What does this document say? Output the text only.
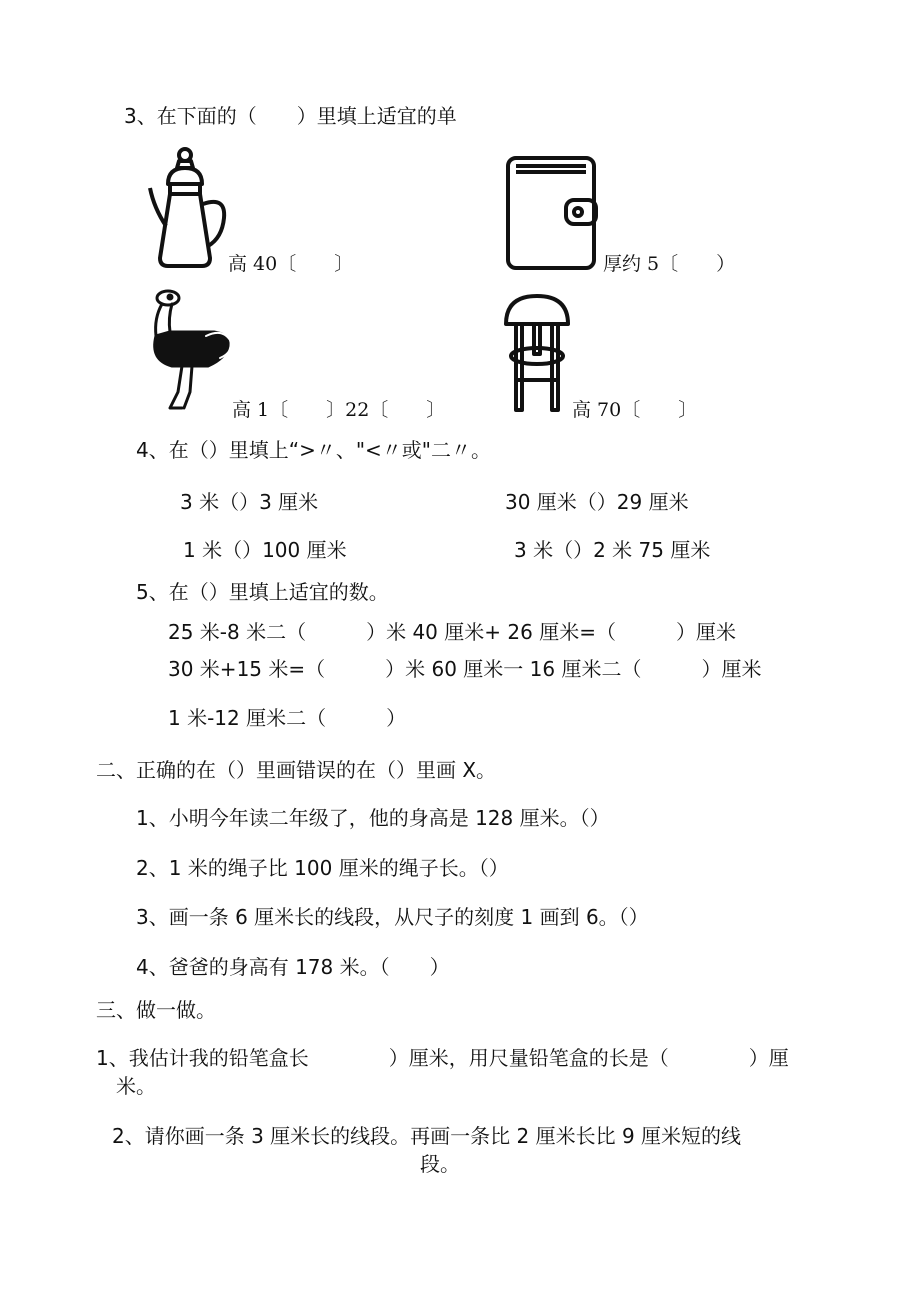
3、在下面的（　　）里填上适宜的单
高 40〔　　〕	厚约 5〔　　）
高 1〔　　〕22〔　　〕	高 70〔　　〕
4、在（）里填上“>〃、"<〃或"二〃。
3 米（）3 厘米	30 厘米（）29 厘米
1 米（）100 厘米	3 米（）2 米 75 厘米
5、在（）里填上适宜的数。
25 米-8 米二（　　　）米 40 厘米+ 26 厘米=（　　　）厘米
30 米+15 米=（　　　）米 60 厘米一 16 厘米二（　　　）厘米
1 米-12 厘米二（　　　）
二、正确的在（）里画错误的在（）里画 X。
1、小明今年读二年级了，他的身高是 128 厘米。（）
2、1 米的绳子比 100 厘米的绳子长。（）
3、画一条 6 厘米长的线段，从尺子的刻度 1 画到 6。（）
4、爸爸的身高有 178 米。（　　）
三、做一做。
1、我估计我的铅笔盒长　　　　）厘米，用尺量铅笔盒的长是（　　　　）厘
米。
2、请你画一条 3 厘米长的线段。再画一条比 2 厘米长比 9 厘米短的线
段。
